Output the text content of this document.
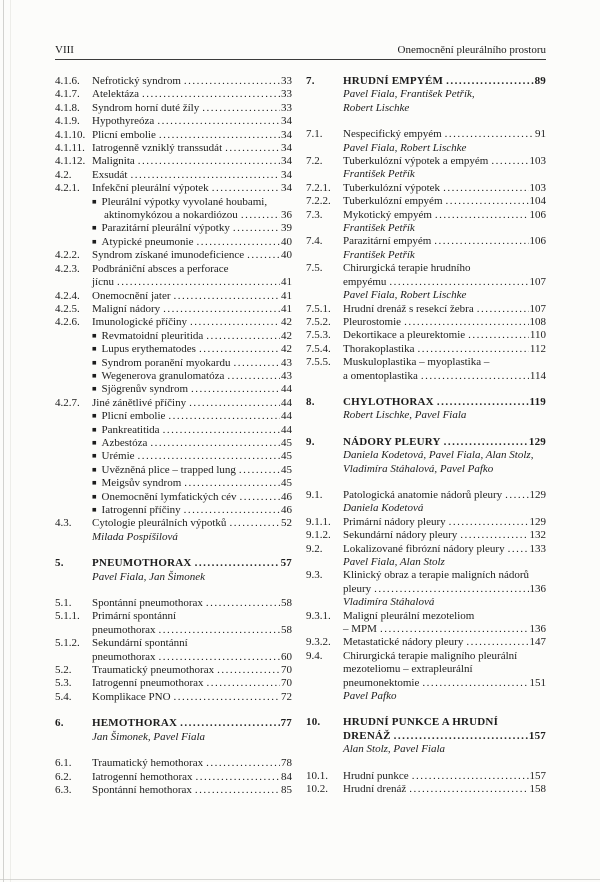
VIII	Onemocnění pleurálního prostoru
4.1.6.	Nefrotický syndrom .....	33
4.1.7.	Atelektáza .....	33
4.1.8.	Syndrom horní duté žíly .....	33
4.1.9.	Hypothyreóza .....	34
4.1.10. Plicní embolie .....	34
4.1.11. Iatrogenně vzniklý transsudát .....	34
4.1.12. Malignita .....	34
4.2.	Exsudát .....	34
4.2.1.	Infekční pleurální výpotek .....	34
■ Pleurální výpotky vyvolané houbami,
aktinomykózou a nokardiózou .....	36
■ Parazitární pleurální výpotky .....	39
■ Atypické pneumonie .....	40
4.2.2.	Syndrom získané imunodeficience .....	40
4.2.3.	Podbrániční absces a perforace
jícnu .....	41
4.2.4.	Onemocnění jater .....	41
4.2.5.	Maligní nádory .....	41
4.2.6.	Imunologické příčiny .....	42
■ Revmatoidní pleuritida .....	42
■ Lupus erythematodes .....	42
■ Syndrom poranění myokardu .....	43
■ Wegenerova granulomatóza .....	43
■ Sjögrenův syndrom .....	44
4.2.7.	Jiné zánětlivé příčiny .....	44
■ Plicní embolie .....	44
■ Pankreatitida .....	44
■ Azbestóza .....	45
■ Urémie .....	45
■ Uvězněná plice – trapped lung .....	45
■ Meigsův syndrom .....	45
■ Onemocnění lymfatických cév .....	46
■ Iatrogenní příčiny .....	46
4.3.	Cytologie pleurálních výpotků .....	52
Milada Pospíšilová
5.	PNEUMOTHORAX .....	57
Pavel Fiala, Jan Šimonek
5.1.	Spontánní pneumothorax .....	58
5.1.1.	Primární spontánní
pneumothorax .....	58
5.1.2.	Sekundární spontánní
pneumothorax .....	60
5.2.	Traumatický pneumothorax .....	70
5.3.	Iatrogenní pneumothorax .....	70
5.4.	Komplikace PNO .....	72
6.	HEMOTHORAX .....	77
Jan Šimonek, Pavel Fiala
6.1.	Traumatický hemothorax .....	78
6.2.	Iatrogenní hemothorax .....	84
6.3.	Spontánní hemothorax .....	85
7.	HRUDNÍ EMPYÉM .....	89
Pavel Fiala, František Petřík,
Robert Lischke
7.1.	Nespecifický empyém .....	91
Pavel Fiala, Robert Lischke
7.2.	Tuberkulózní výpotek a empyém .....	103
František Petřík
7.2.1.	Tuberkulózní výpotek .....	103
7.2.2.	Tuberkulózní empyém .....	104
7.3.	Mykotický empyém .....	106
František Petřík
7.4.	Parazitární empyém .....	106
František Petřík
7.5.	Chirurgická terapie hrudního
empyému .....	107
Pavel Fiala, Robert Lischke
7.5.1.	Hrudní drenáž s resekcí žebra .....	107
7.5.2.	Pleurostomie .....	108
7.5.3.	Dekortikace a pleurektomie .....	110
7.5.4.	Thorakoplastika .....	112
7.5.5.	Muskuloplastika – myoplastika –
a omentoplastika .....	114
8.	CHYLOTHORAX .....	119
Robert Lischke, Pavel Fiala
9.	NÁDORY PLEURY .....	129
Daniela Kodetová, Pavel Fiala, Alan Stolz,
Vladimíra Stáhalová, Pavel Pafko
9.1.	Patologická anatomie nádorů pleury ..... 129
Daniela Kodetová
9.1.1.	Primární nádory pleury .....	129
9.1.2.	Sekundární nádory pleury .....	132
9.2.	Lokalizované fibrózní nádory pleury ..... 133
Pavel Fiala, Alan Stolz
9.3.	Klinický obraz a terapie maligních nádorů
pleury .....	136
Vladimíra Stáhalová
9.3.1.	Maligní pleurální mezoteliom
– MPM .....	136
9.3.2.	Metastatické nádory pleury .....	147
9.4.	Chirurgická terapie maligního pleurální
mezoteliomu – extrapleurální
pneumonektomie .....	151
Pavel Pafko
10.	HRUDNÍ PUNKCE A HRUDNÍ
DRENÁŽ .....	157
Alan Stolz, Pavel Fiala
10.1.	Hrudní punkce .....	157
10.2.	Hrudní drenáž .....	158
